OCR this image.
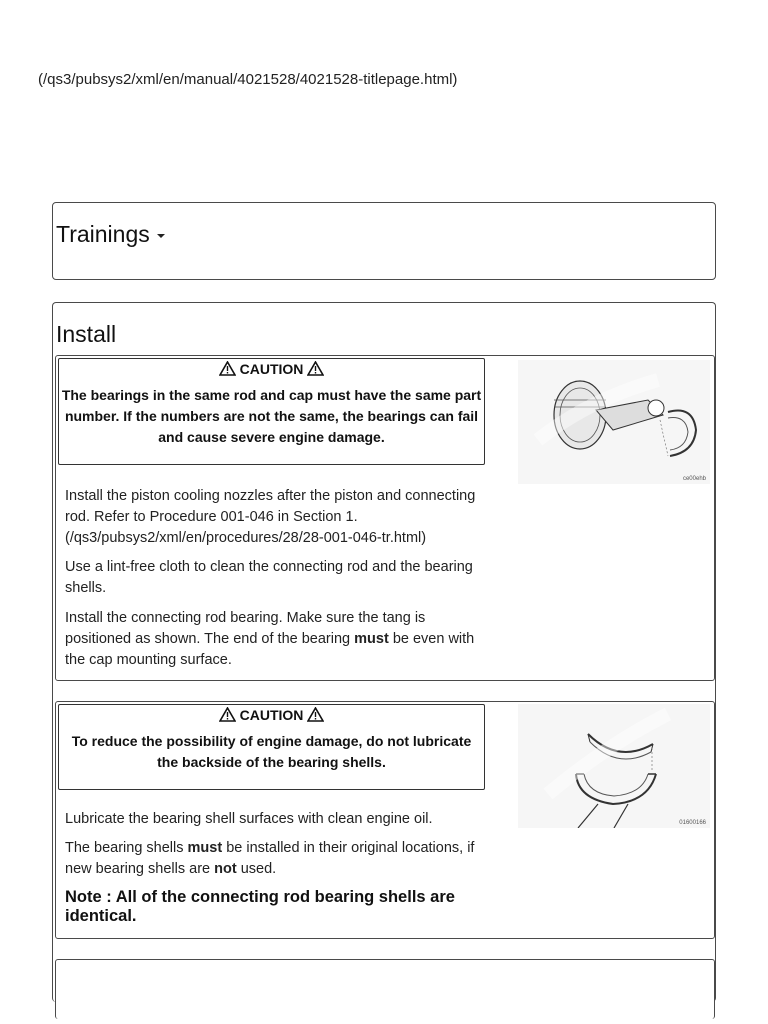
(/qs3/pubsys2/xml/en/manual/4021528/4021528-titlepage.html)
Trainings
Install
CAUTION
The bearings in the same rod and cap must have the same part number. If the numbers are not the same, the bearings can fail and cause severe engine damage.
ce00ehb

Install the piston cooling nozzles after the piston and connecting rod. Refer to Procedure 001-046 in Section 1. (/qs3/pubsys2/xml/en/procedures/28/28-001-046-tr.html)

Use a lint-free cloth to clean the connecting rod and the bearing shells.

Install the connecting rod bearing. Make sure the tang is positioned as shown. The end of the bearing must be even with the cap mounting surface.

CAUTION
To reduce the possibility of engine damage, do not lubricate the backside of the bearing shells.
01600166

Lubricate the bearing shell surfaces with clean engine oil.

The bearing shells must be installed in their original locations, if new bearing shells are not used.

Note : All of the connecting rod bearing shells are identical.
